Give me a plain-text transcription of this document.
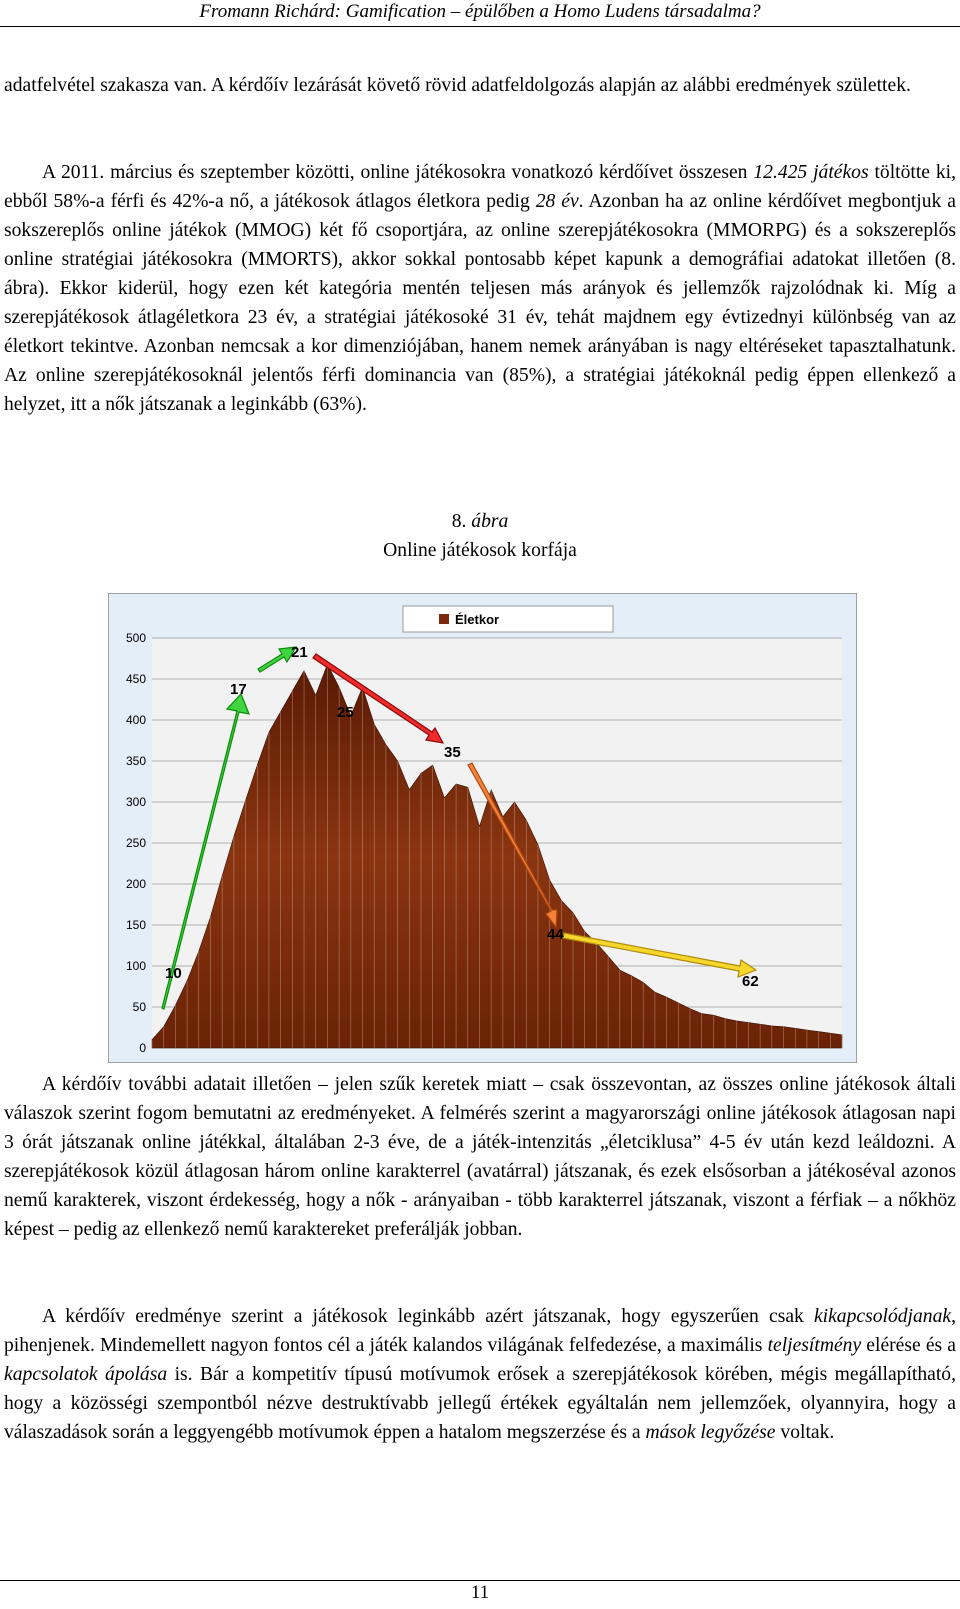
Fromann Richárd: Gamification – épülőben a Homo Ludens társadalma?

adatfelvétel szakasza van. A kérdőív lezárását követő rövid adatfeldolgozás alapján az alábbi eredmények születtek.

A 2011. március és szeptember közötti, online játékosokra vonatkozó kérdőívet összesen 12.425 játékos töltötte ki, ebből 58%-a férfi és 42%-a nő, a játékosok átlagos életkora pedig 28 év. Azonban ha az online kérdőívet megbontjuk a sokszereplős online játékok (MMOG) két fő csoportjára, az online szerepjátékosokra (MMORPG) és a sokszereplős online stratégiai játékosokra (MMORTS), akkor sokkal pontosabb képet kapunk a demográfiai adatokat illetően (8. ábra). Ekkor kiderül, hogy ezen két kategória mentén teljesen más arányok és jellemzők rajzolódnak ki. Míg a szerepjátékosok átlagéletkora 23 év, a stratégiai játékosoké 31 év, tehát majdnem egy évtizednyi különbség van az életkort tekintve. Azonban nemcsak a kor dimenziójában, hanem nemek arányában is nagy eltéréseket tapasztalhatunk. Az online szerepjátékosoknál jelentős férfi dominancia van (85%), a stratégiai játékoknál pedig éppen ellenkező a helyzet, itt a nők játszanak a leginkább (63%).

8. ábra
Online játékosok korfája
0
50
100
150
200
250
300
350
400
450
500
Életkor
10
17
21
25
35
44
62

A kérdőív további adatait illetően – jelen szűk keretek miatt – csak összevontan, az összes online játékosok általi válaszok szerint fogom bemutatni az eredményeket. A felmérés szerint a magyarországi online játékosok átlagosan napi 3 órát játszanak online játékkal, általában 2-3 éve, de a játék-intenzitás „életciklusa” 4-5 év után kezd leáldozni. A szerepjátékosok közül átlagosan három online karakterrel (avatárral) játszanak, és ezek elsősorban a játékoséval azonos nemű karakterek, viszont érdekesség, hogy a nők - arányaiban - több karakterrel játszanak, viszont a férfiak – a nőkhöz képest – pedig az ellenkező nemű karaktereket preferálják jobban.

A kérdőív eredménye szerint a játékosok leginkább azért játszanak, hogy egyszerűen csak kikapcsolódjanak, pihenjenek. Mindemellett nagyon fontos cél a játék kalandos világának felfedezése, a maximális teljesítmény elérése és a kapcsolatok ápolása is. Bár a kompetitív típusú motívumok erősek a szerepjátékosok körében, mégis megállapítható, hogy a közösségi szempontból nézve destruktívabb jellegű értékek egyáltalán nem jellemzőek, olyannyira, hogy a válaszadások során a leggyengébb motívumok éppen a hatalom megszerzése és a mások legyőzése voltak.

11
